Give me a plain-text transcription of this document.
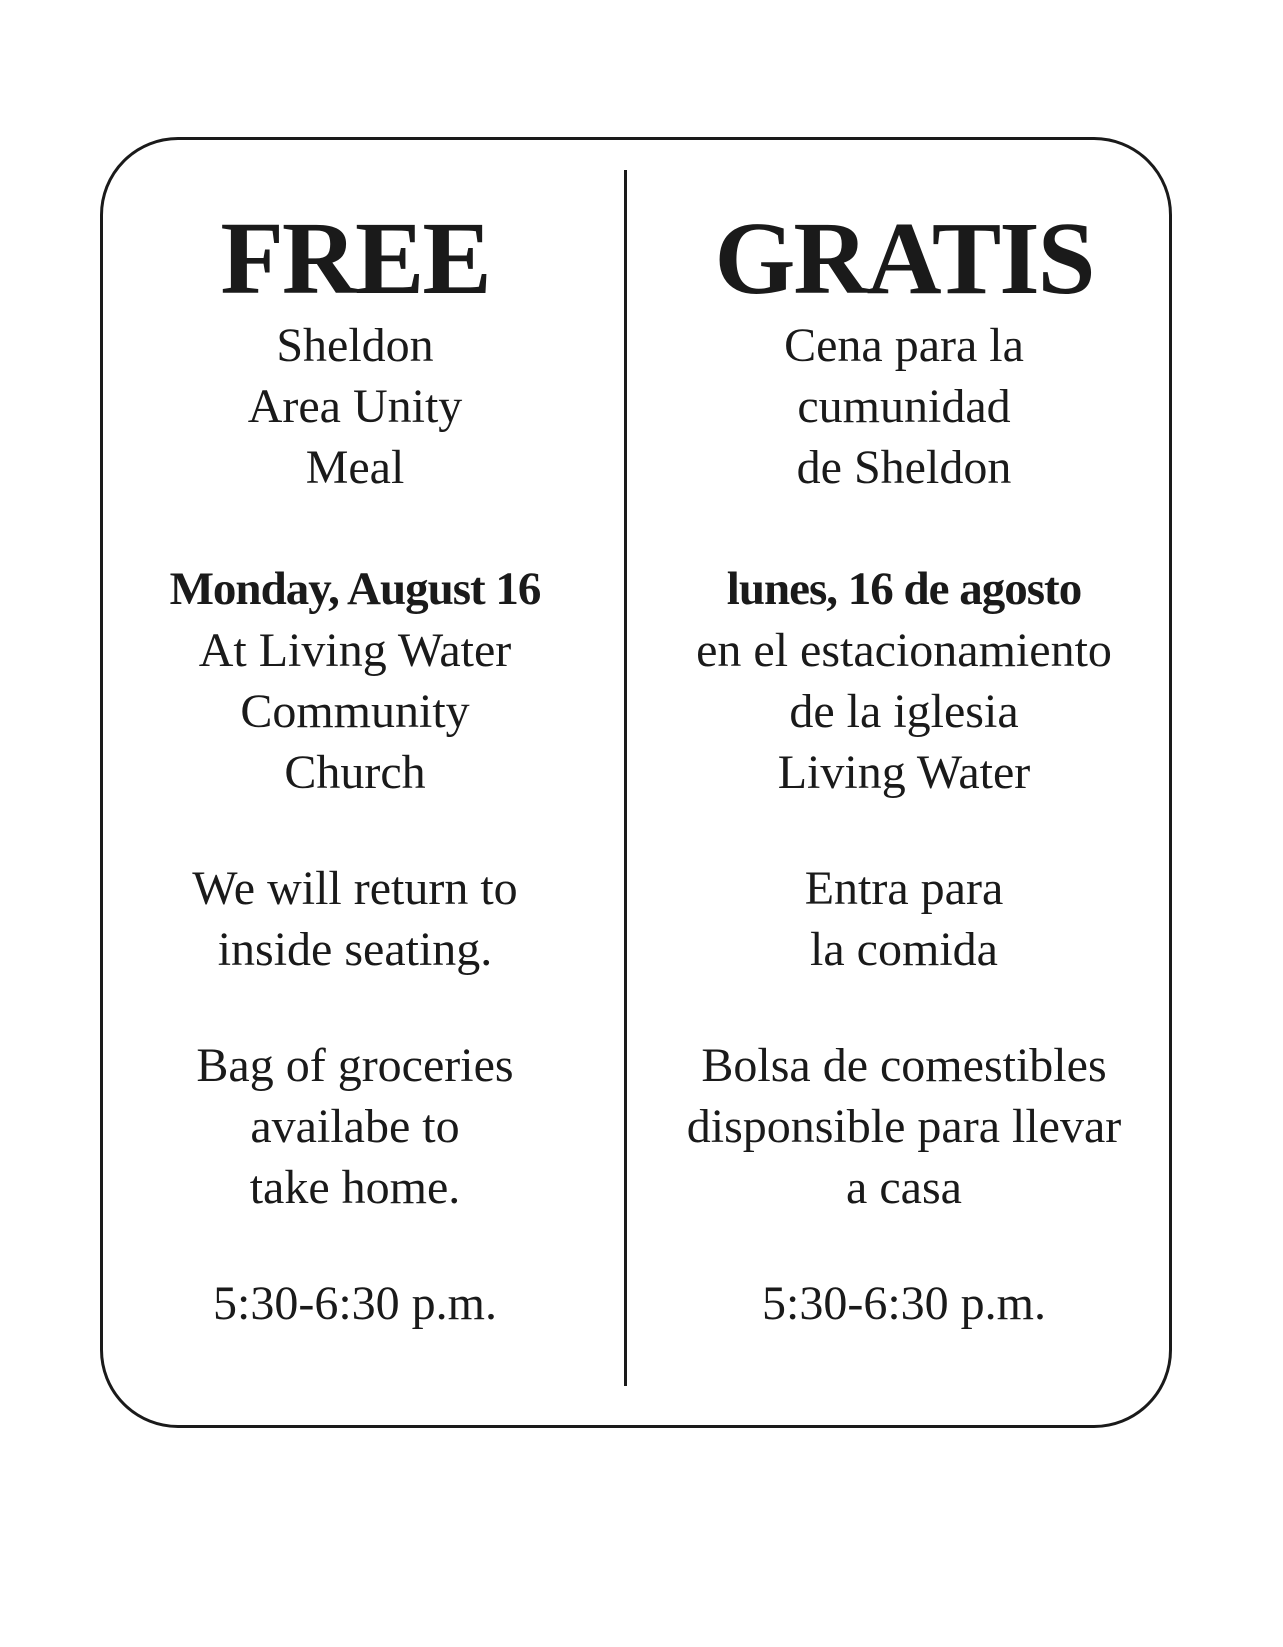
FREE

Sheldon

Area Unity

Meal

Monday, August 16

At Living Water

Community

Church

We will return to

inside seating.

Bag of groceries

availabe to

take home.

5:30-6:30 p.m.

GRATIS

Cena para la

cumunidad

de Sheldon

lunes, 16 de agosto

en el estacionamiento

de la iglesia

Living Water

Entra para

la comida

Bolsa de comestibles

disponsible para llevar

a casa

5:30-6:30 p.m.
